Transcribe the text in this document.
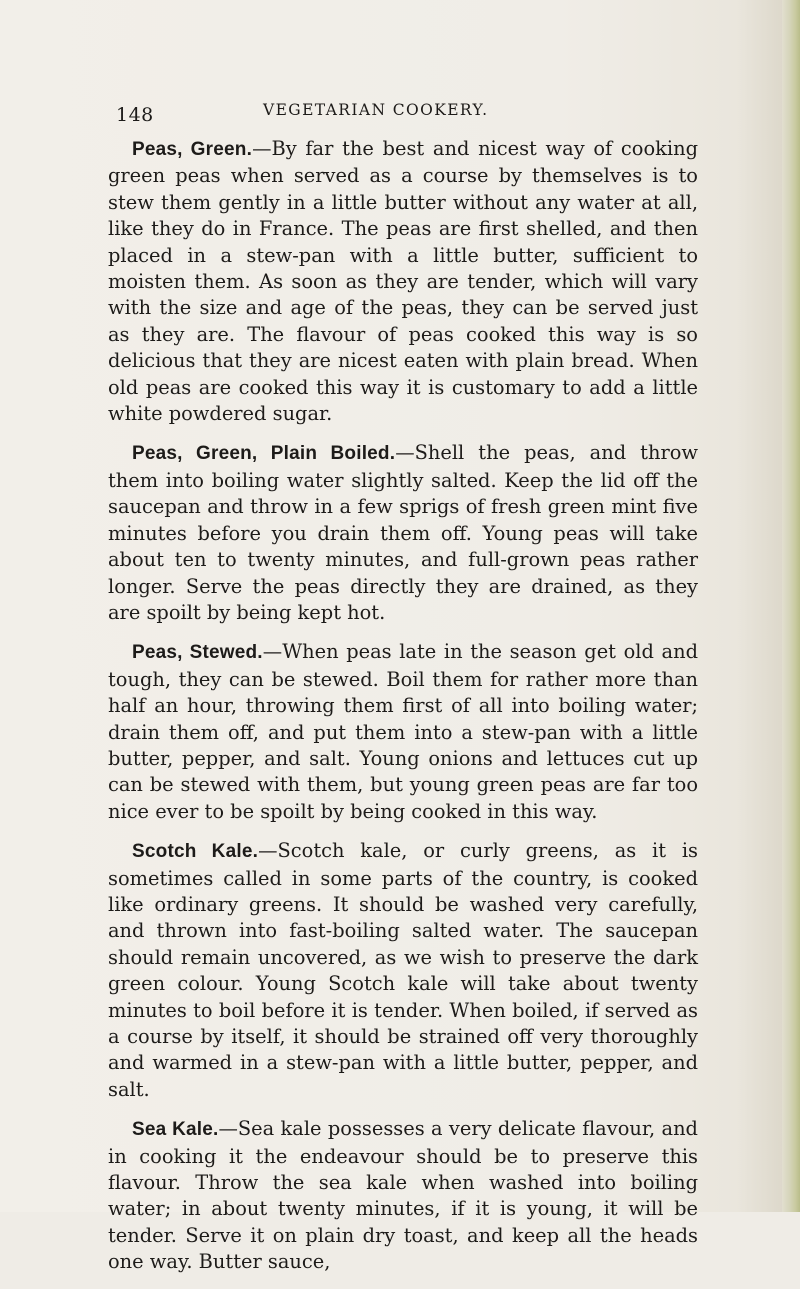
148	VEGETARIAN COOKERY.

Peas, Green.—By far the best and nicest way of cooking green peas when served as a course by themselves is to stew them gently in a little butter without any water at all, like they do in France. The peas are first shelled, and then placed in a stew-pan with a little butter, sufficient to moisten them. As soon as they are tender, which will vary with the size and age of the peas, they can be served just as they are. The flavour of peas cooked this way is so delicious that they are nicest eaten with plain bread. When old peas are cooked this way it is customary to add a little white powdered sugar.

Peas, Green, Plain Boiled.—Shell the peas, and throw them into boiling water slightly salted. Keep the lid off the saucepan and throw in a few sprigs of fresh green mint five minutes before you drain them off. Young peas will take about ten to twenty minutes, and full-grown peas rather longer. Serve the peas directly they are drained, as they are spoilt by being kept hot.

Peas, Stewed.—When peas late in the season get old and tough, they can be stewed. Boil them for rather more than half an hour, throwing them first of all into boiling water; drain them off, and put them into a stew-pan with a little butter, pepper, and salt. Young onions and lettuces cut up can be stewed with them, but young green peas are far too nice ever to be spoilt by being cooked in this way.

Scotch Kale.—Scotch kale, or curly greens, as it is sometimes called in some parts of the country, is cooked like ordinary greens. It should be washed very carefully, and thrown into fast-boiling salted water. The saucepan should remain uncovered, as we wish to preserve the dark green colour. Young Scotch kale will take about twenty minutes to boil before it is tender. When boiled, if served as a course by itself, it should be strained off very thoroughly and warmed in a stew-pan with a little butter, pepper, and salt.

Sea Kale.—Sea kale possesses a very delicate flavour, and in cooking it the endeavour should be to preserve this flavour. Throw the sea kale when washed into boiling water; in about twenty minutes, if it is young, it will be tender. Serve it on plain dry toast, and keep all the heads one way. Butter sauce,
